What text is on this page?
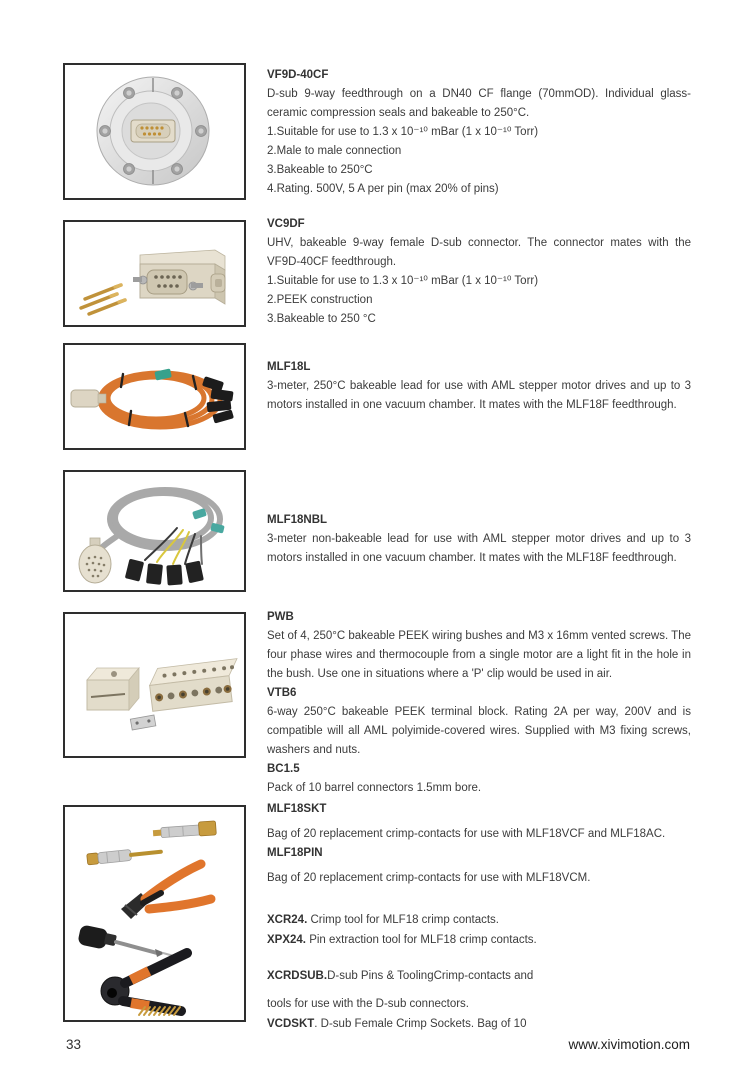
VF9D-40CF

D-sub 9-way feedthrough on a DN40 CF flange (70mmOD). Individual glass-ceramic compression seals and bakeable to 250°C.

1.Suitable for use to 1.3 x 10⁻¹⁰ mBar (1 x 10⁻¹⁰ Torr)
2.Male to male connection
3.Bakeable to 250°C
4.Rating. 500V, 5 A per pin (max 20% of pins)
VC9DF

UHV, bakeable 9-way female D-sub connector. The connector mates with the VF9D-40CF feedthrough.

1.Suitable for use to 1.3 x 10⁻¹⁰ mBar (1 x 10⁻¹⁰ Torr)
2.PEEK construction
3.Bakeable to 250 °C
MLF18L

3-meter, 250°C bakeable lead for use with AML stepper motor drives and up to 3 motors installed in one vacuum chamber. It mates with the MLF18F feedthrough.

MLF18NBL

3-meter non-bakeable lead for use with AML stepper motor drives and up to 3 motors installed in one vacuum chamber. It mates with the MLF18F feedthrough.

PWB

Set of 4, 250°C bakeable PEEK wiring bushes and M3 x 16mm vented screws. The four phase wires and thermocouple from a single motor are a light fit in the hole in the bush. Use one in situations where a 'P' clip would be used in air.

VTB6

6-way 250°C bakeable PEEK terminal block. Rating 2A per way, 200V and is compatible will all AML polyimide-covered wires. Supplied with M3 fixing screws, washers and nuts.

BC1.5

Pack of 10 barrel connectors 1.5mm bore.

MLF18SKT
Bag of 20 replacement crimp-contacts for use with MLF18VCF and MLF18AC.
MLF18PIN
Bag of 20 replacement crimp-contacts for use with MLF18VCM.
XCR24. Crimp tool for MLF18 crimp contacts.
XPX24. Pin extraction tool for MLF18 crimp contacts.
XCRDSUB.D-sub Pins & ToolingCrimp-contacts and
tools for use with the D-sub connectors.
VCDSKT. D-sub Female Crimp Sockets. Bag of 10
33	www.xivimotion.com
